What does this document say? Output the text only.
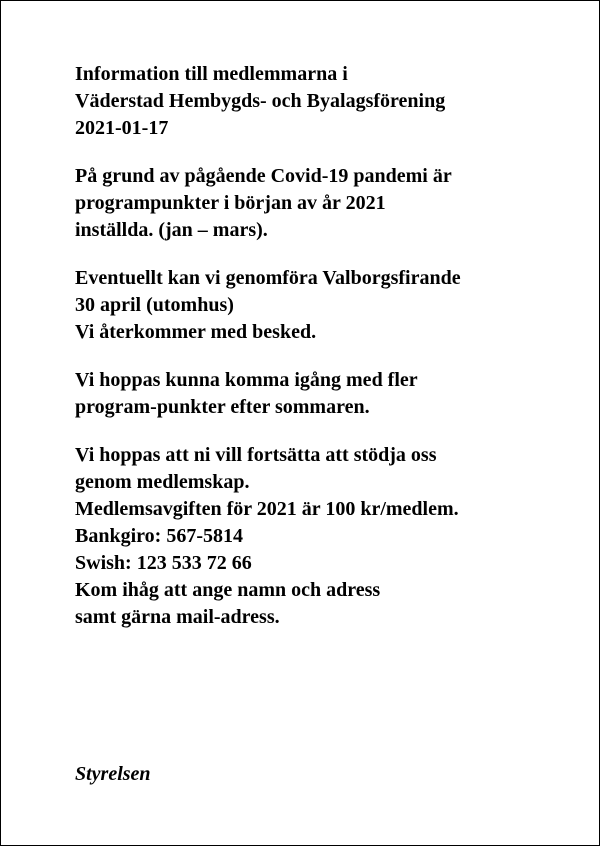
Information till medlemmarna i
Väderstad Hembygds- och Byalagsförening
2021-01-17
På grund av pågående Covid-19 pandemi är
programpunkter i början av år 2021
inställda. (jan – mars).
Eventuellt kan vi genomföra Valborgsfirande
30 april (utomhus)
Vi återkommer med besked.
Vi hoppas kunna komma igång med fler
program-punkter efter sommaren.
Vi hoppas att ni vill fortsätta att stödja oss
genom medlemskap.
Medlemsavgiften för 2021 är 100 kr/medlem.
Bankgiro: 567-5814
Swish: 123 533 72 66
Kom ihåg att ange namn och adress
samt gärna mail-adress.
Styrelsen
